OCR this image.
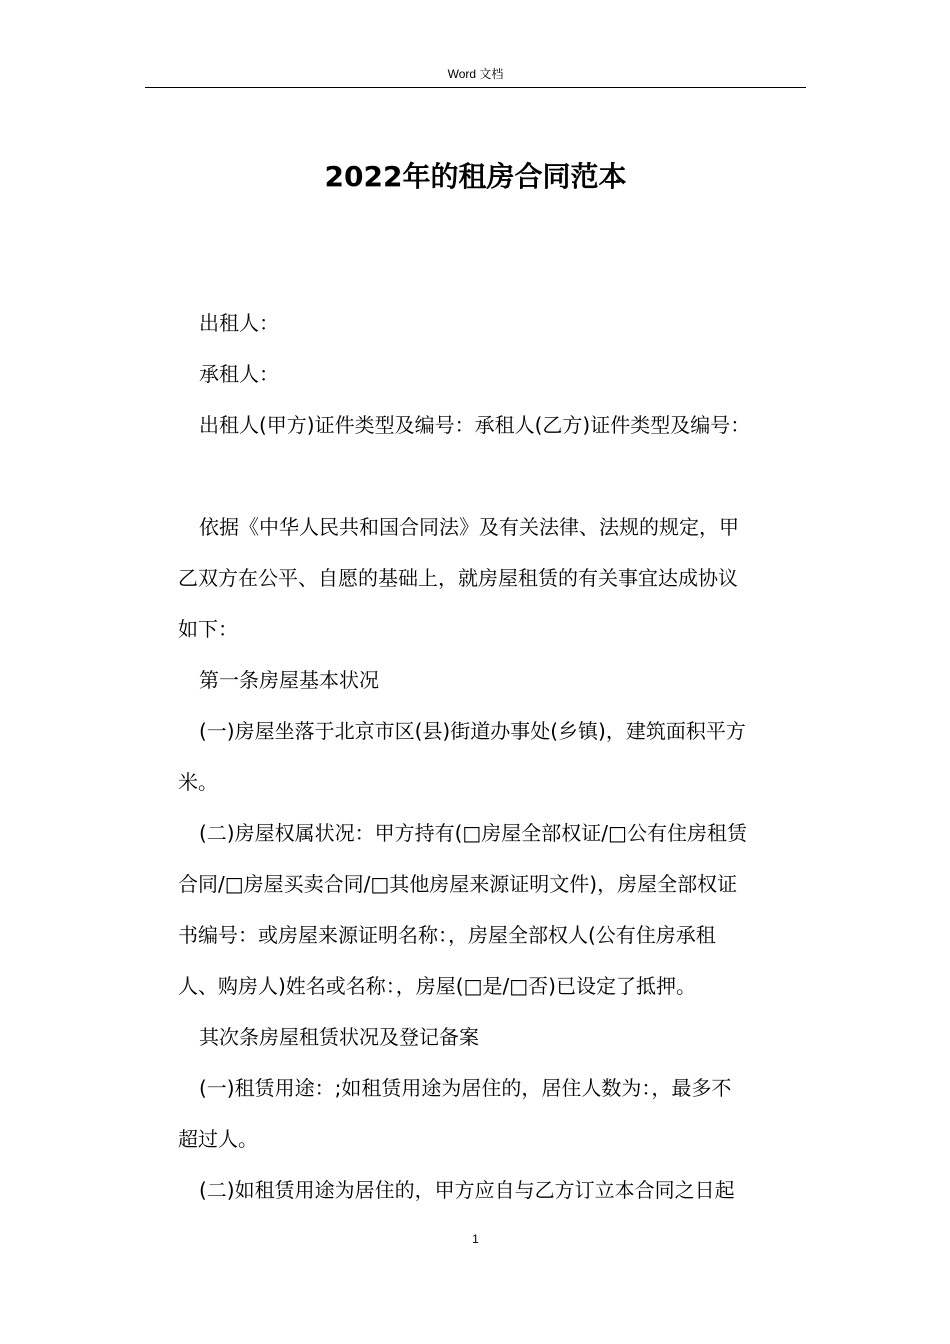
Word 文档
2022年的租房合同范本

出租人：

承租人：

出租人(甲方)证件类型及编号：承租人(乙方)证件类型及编号：

依据《中华人民共和国合同法》及有关法律、法规的规定，甲

乙双方在公平、自愿的基础上，就房屋租赁的有关事宜达成协议

如下：

第一条房屋基本状况

(一)房屋坐落于北京市区(县)街道办事处(乡镇)，建筑面积平方

米。

(二)房屋权属状况：甲方持有(□房屋全部权证/□公有住房租赁

合同/□房屋买卖合同/□其他房屋来源证明文件)，房屋全部权证

书编号：或房屋来源证明名称：，房屋全部权人(公有住房承租

人、购房人)姓名或名称：，房屋(□是/□否)已设定了抵押。

其次条房屋租赁状况及登记备案

(一)租赁用途：;如租赁用途为居住的，居住人数为：，最多不

超过人。

(二)如租赁用途为居住的，甲方应自与乙方订立本合同之日起

1
